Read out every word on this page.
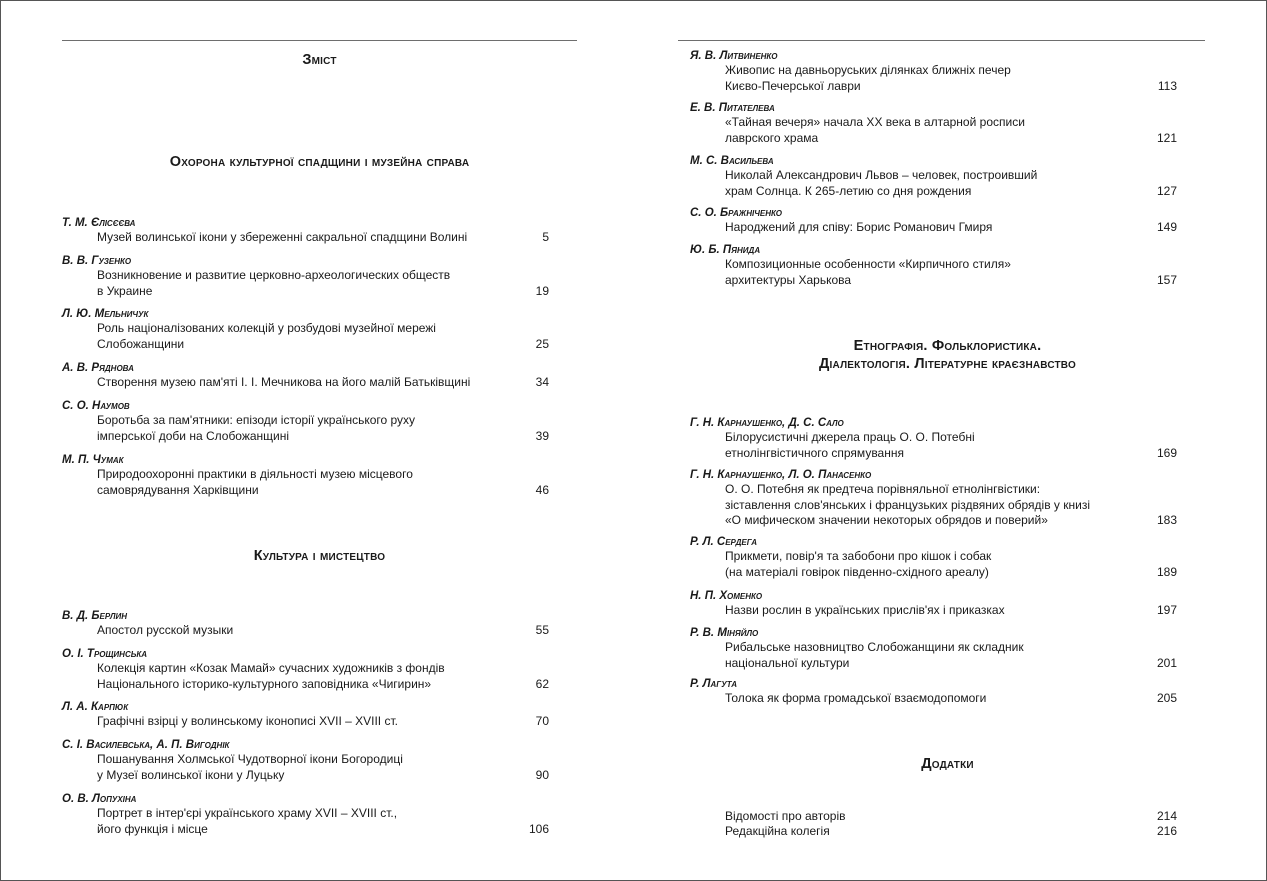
Зміст
Охорона культурної спадщини і музейна справа
Культура і мистецтво
Т. М. Єлісєєва
Музей волинської ікони у збереженні сакральної спадщини Волині	5
В. В. Гузенко
Возникновение и развитие церковно-археологических обществ
в Украине	19
Л. Ю. Мельничук
Роль націоналізованих колекцій у розбудові музейної мережі
Слобожанщини	25
А. В. Ряднова
Створення музею пам'яті І. І. Мечникова на його малій Батьківщині	34
С. О. Наумов
Боротьба за пам'ятники: епізоди історії українського руху
імперської доби на Слобожанщині	39
М. П. Чумак
Природоохоронні практики в діяльності музею місцевого
самоврядування Харківщини	46
В. Д. Берлин
Апостол русской музыки	55
О. І. Трощинська
Колекція картин «Козак Мамай» сучасних художників з фондів
Національного історико-культурного заповідника «Чигирин»	62
Л. А. Карпюк
Графічні взірці у волинському іконописі XVII – XVIII ст.	70
С. І. Василевська, А. П. Вигоднік
Пошанування Холмської Чудотворної ікони Богородиці
у Музеї волинської ікони у Луцьку	90
О. В. Лопухіна
Портрет в інтер'єрі українського храму XVII – XVIII ст.,
його функція і місце	106
Етнографія. Фольклористика.
Діалектологія. Літературне краєзнавство
Додатки
Я. В. Литвиненко
Живопис на давньоруських ділянках ближніх печер
Києво-Печерської лаври	113
Е. В. Питателева
«Тайная вечеря» начала ХХ века в алтарной росписи
лаврского храма	121
М. С. Васильева
Николай Александрович Львов – человек, построивший
храм Солнца. К 265-летию со дня рождения	127
С. О. Бражніченко
Народжений для співу: Борис Романович Гмиря	149
Ю. Б. Пянида
Композиционные особенности «Кирпичного стиля»
архитектуры Харькова	157
Г. Н. Карнаушенко, Д. С. Сало
Білорусистичні джерела праць О. О. Потебні
етнолінгвістичного спрямування	169
Г. Н. Карнаушенко, Л. О. Панасенко
О. О. Потебня як предтеча порівняльної етнолінгвістики:
зіставлення слов'янських і французьких різдвяних обрядів у книзі
«О мифическом значении некоторых обрядов и поверий»	183
Р. Л. Сердега
Прикмети, повір'я та забобони про кішок і собак
(на матеріалі говірок південно-східного ареалу)	189
Н. П. Хоменко
Назви рослин в українських прислів'ях і приказках	197
Р. В. Міняйло
Рибальське назовництво Слобожанщини як складник
національної культури	201
Р. Лагута
Толока як форма громадської взаємодопомоги	205
Відомості про авторів	214
Редакційна колегія	216
